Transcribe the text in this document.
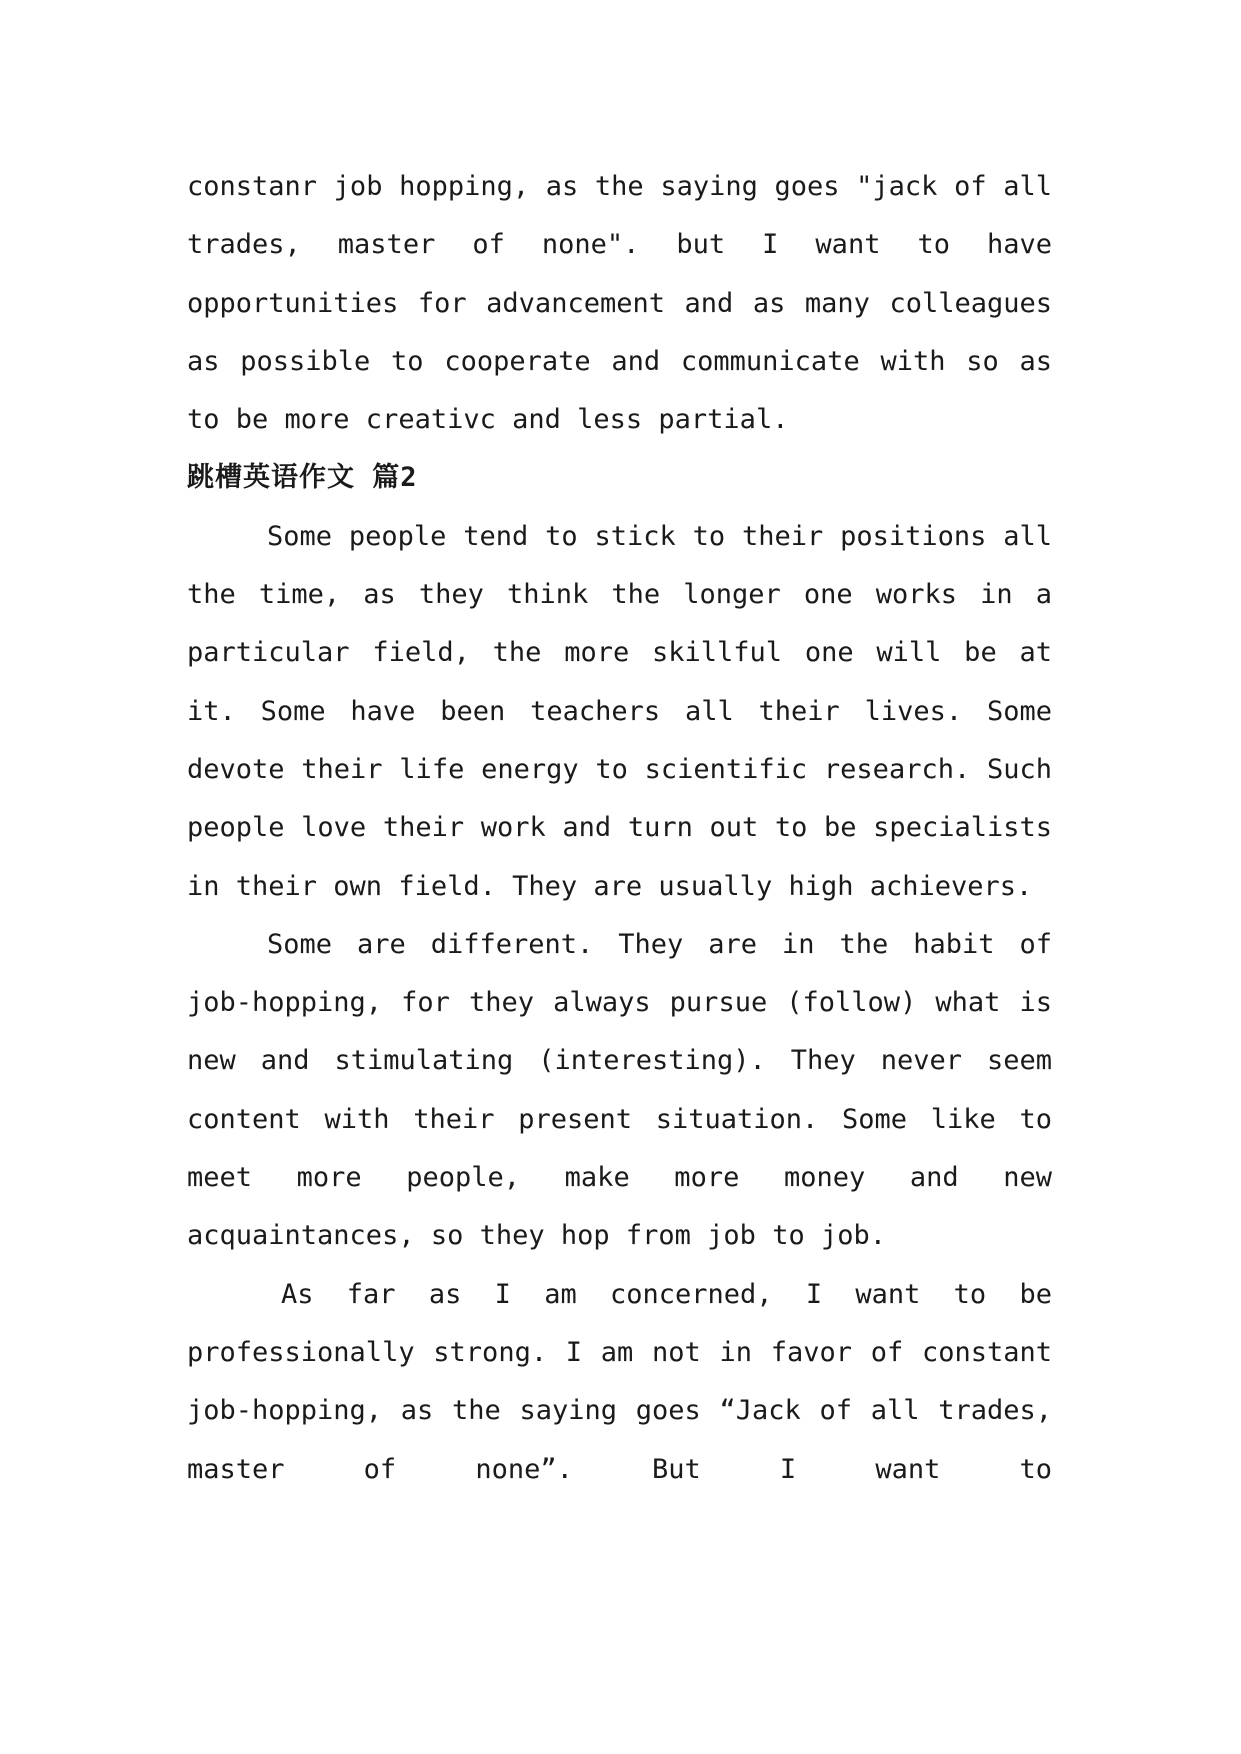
constanr job hopping, as the saying goes "jack of all trades, master of none". but I want to have opportunities for advancement and as many colleagues as possible to cooperate and communicate with so as to be more creativc and less partial.

跳槽英语作文 篇2

Some people tend to stick to their positions all the time, as they think the longer one works in a particular field, the more skillful one will be at it. Some have been teachers all their lives. Some devote their life energy to scientific research. Such people love their work and turn out to be specialists in their own field. They are usually high achievers.

Some are different. They are in the habit of job-hopping, for they always pursue (follow) what is new and stimulating (interesting). They never seem content with their present situation. Some like to meet more people, make more money and new acquaintances, so they hop from job to job.

As far as I am concerned, I want to be professionally strong. I am not in favor of constant job-hopping, as the saying goes “Jack of all trades, master of none”. But I want to
